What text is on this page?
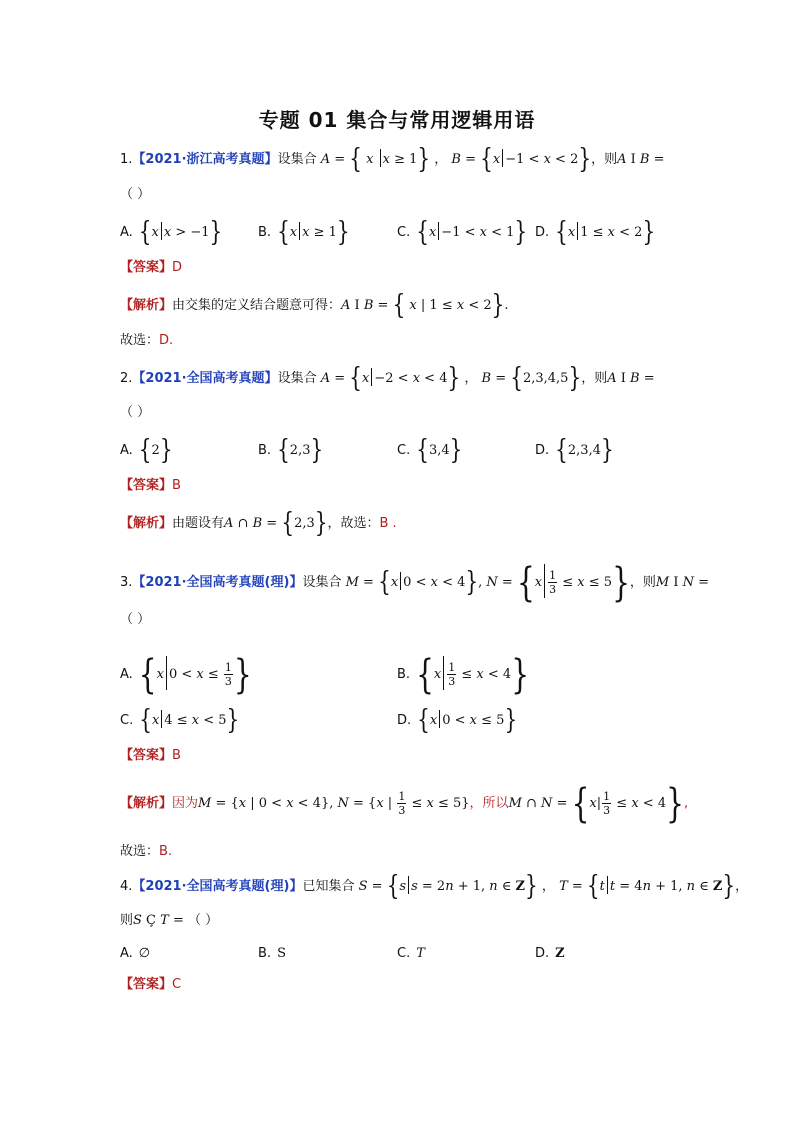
专题 01 集合与常用逻辑用语
1.【2021·浙江高考真题】设集合 A = { x x ≥ 1} ， B = {x −1 < x < 2}，则A I B =
（ ）
A. {x x > −1}	B. {x x ≥ 1}	C. {x −1 < x < 1} D. {x 1 ≤ x < 2}
【答案】D
【解析】由交集的定义结合题意可得：A I B = { x | 1 ≤ x < 2}.
故选：D.
2.【2021·全国高考真题】设集合 A = {x −2 < x < 4} ， B = {2,3,4,5}，则A I B =
（ ）
A. {2}	B. {2,3}	C. {3,4}	D. {2,3,4}
【答案】B
【解析】由题设有A ∩ B = {2,3}，故选：B .
3.【2021·全国高考真题(理)】设集合 M = {x 0 < x < 4}, $N = \{x \frac{1}{3} \le x \le 5\}$，则M I N =
（ ）
A. {x $0 < x \le \frac{1}{3}$ }	B. $\{x \frac{1}{3} \le x < 4\}$
C. {x 4 ≤ x < 5}	D. {x 0 < x ≤ 5}
【答案】B
【解析】因为M = {x | 0 < x < 4}, N = {x | $\frac{1}{3} \le x \le 5$}，所以M ∩ $N = \{x| \frac{1}{3} \le x < 4\}$,
故选：B.
4.【2021·全国高考真题(理)】已知集合 S = {s s = 2n + 1, n ∈ Z} ， T = {t t = 4n + 1, n ∈ Z}，
则S Ç T = （ ）
A. ∅	B. S	C. T	D. Z
【答案】C
